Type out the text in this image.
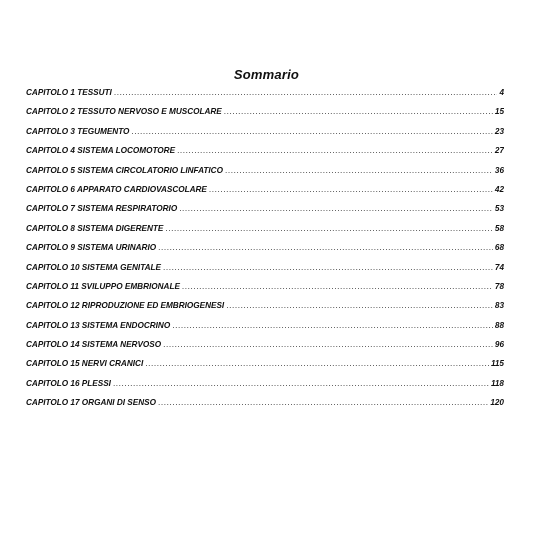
Sommario
CAPITOLO 1 TESSUTI .....	4
CAPITOLO 2 TESSUTO NERVOSO E MUSCOLARE .....	15
CAPITOLO 3 TEGUMENTO .....	23
CAPITOLO 4 SISTEMA LOCOMOTORE .....	27
CAPITOLO 5 SISTEMA CIRCOLATORIO LINFATICO .....	36
CAPITOLO 6 APPARATO CARDIOVASCOLARE .....	42
CAPITOLO 7 SISTEMA RESPIRATORIO .....	53
CAPITOLO 8 SISTEMA DIGERENTE .....	58
CAPITOLO 9 SISTEMA URINARIO .....	68
CAPITOLO 10 SISTEMA GENITALE .....	74
CAPITOLO 11 SVILUPPO EMBRIONALE .....	78
CAPITOLO 12 RIPRODUZIONE ED EMBRIOGENESI .....	83
CAPITOLO 13 SISTEMA ENDOCRINO .....	88
CAPITOLO 14 SISTEMA NERVOSO .....	96
CAPITOLO 15 NERVI CRANICI .....	115
CAPITOLO 16 PLESSI .....	118
CAPITOLO 17 ORGANI DI SENSO .....	120
